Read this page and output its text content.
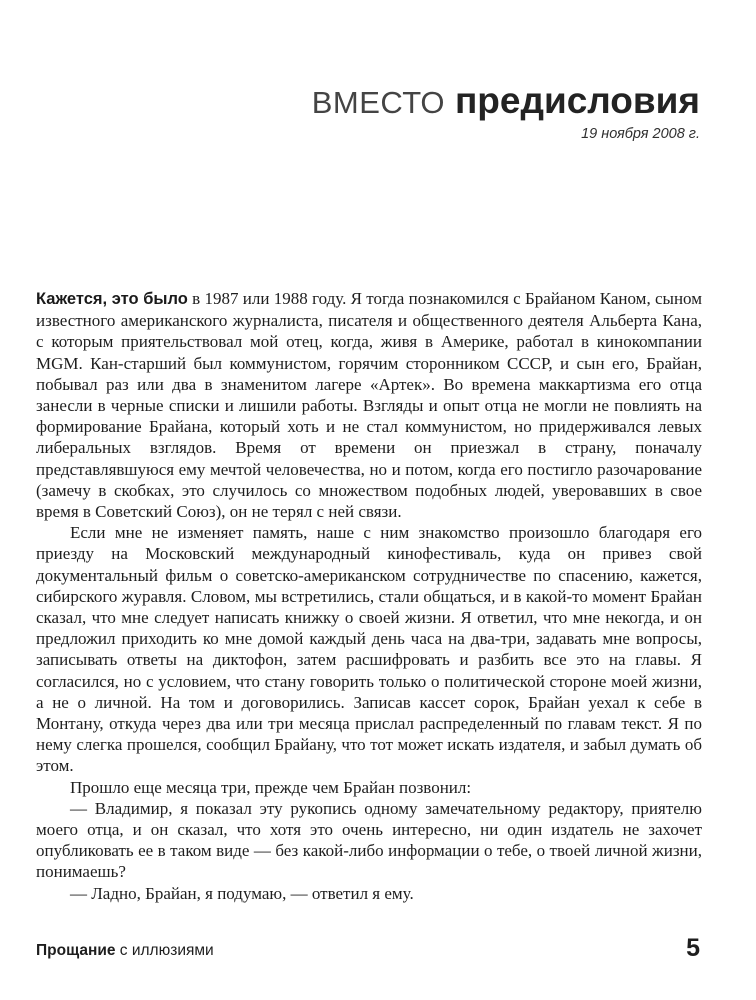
ВМЕСТО предисловия
19 ноября 2008 г.

Кажется, это было в 1987 или 1988 году. Я тогда познакомился с Брайаном Каном, сыном известного американского журналиста, писателя и общественного деятеля Альберта Кана, с которым приятельствовал мой отец, когда, живя в Америке, работал в кинокомпании MGM. Кан-старший был коммунистом, горячим сторонником СССР, и сын его, Брайан, побывал раз или два в знаменитом лагере «Артек». Во времена маккартизма его отца занесли в черные списки и лишили работы. Взгляды и опыт отца не могли не повлиять на формирование Брайана, который хоть и не стал коммунистом, но придерживался левых либеральных взглядов. Время от времени он приезжал в страну, поначалу представлявшуюся ему мечтой человечества, но и потом, когда его постигло разочарование (замечу в скобках, это случилось со множеством подобных людей, уверовавших в свое время в Советский Союз), он не терял с ней связи.

Если мне не изменяет память, наше с ним знакомство произошло благодаря его приезду на Московский международный кинофестиваль, куда он привез свой документальный фильм о советско-американском сотрудничестве по спасению, кажется, сибирского журавля. Словом, мы встретились, стали общаться, и в какой-то момент Брайан сказал, что мне следует написать книжку о своей жизни. Я ответил, что мне некогда, и он предложил приходить ко мне домой каждый день часа на два-три, задавать мне вопросы, записывать ответы на диктофон, затем расшифровать и разбить все это на главы. Я согласился, но с условием, что стану говорить только о политической стороне моей жизни, а не о личной. На том и договорились. Записав кассет сорок, Брайан уехал к себе в Монтану, откуда через два или три месяца прислал распределенный по главам текст. Я по нему слегка прошелся, сообщил Брайану, что тот может искать издателя, и забыл думать об этом.

Прошло еще месяца три, прежде чем Брайан позвонил:

— Владимир, я показал эту рукопись одному замечательному редактору, приятелю моего отца, и он сказал, что хотя это очень интересно, ни один издатель не захочет опубликовать ее в таком виде — без какой-либо информации о тебе, о твоей личной жизни, понимаешь?

— Ладно, Брайан, я подумаю, — ответил я ему.

Прощание с иллюзиями	5
